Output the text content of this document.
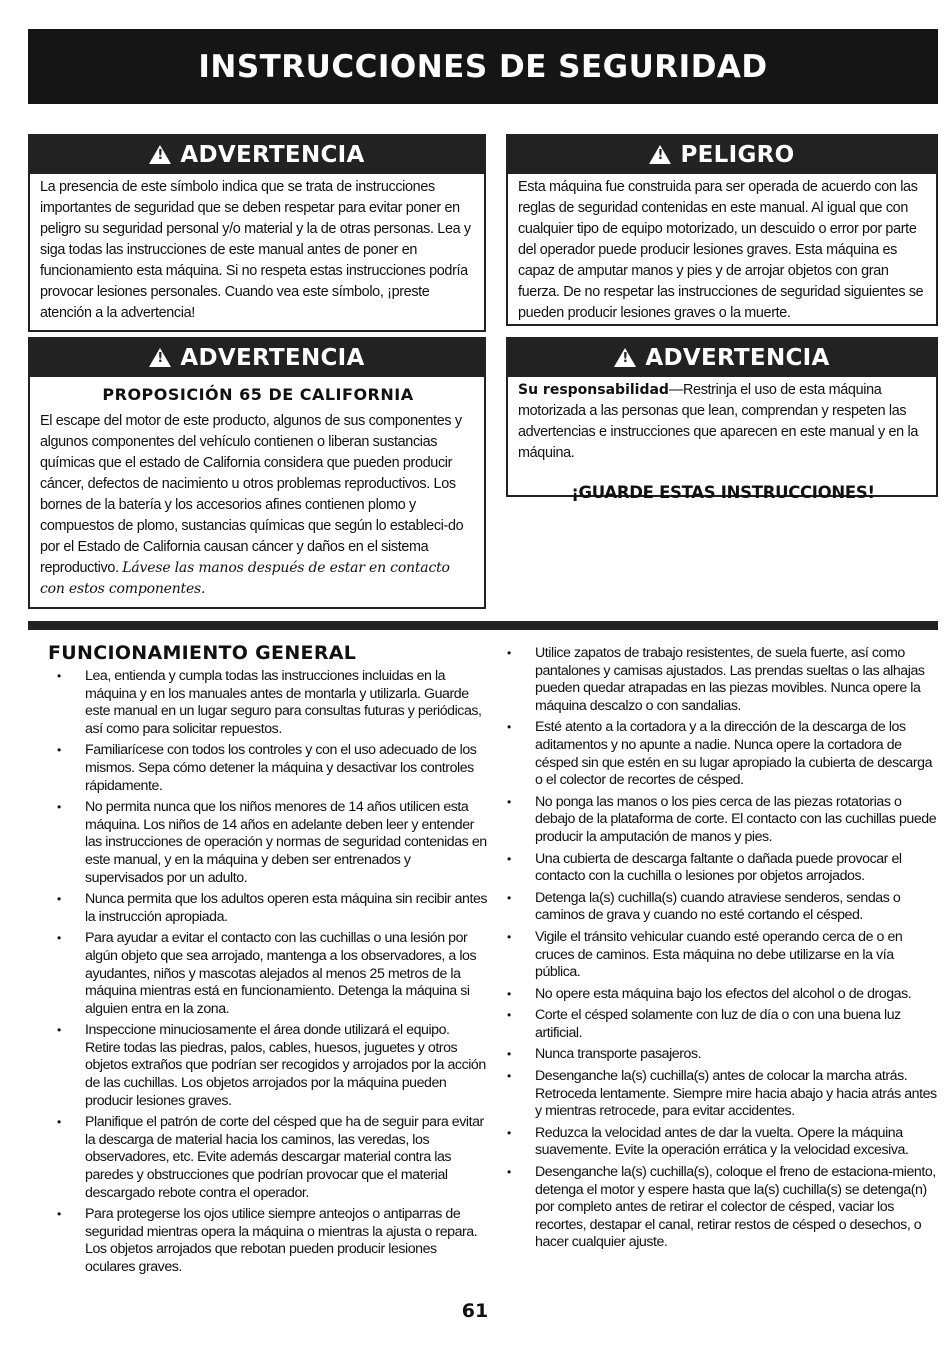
INSTRUCCIONES DE SEGURIDAD
!
ADVERTENCIA

La presencia de este símbolo indica que se trata de instrucciones importantes de seguridad que se deben respetar para evitar poner en peligro su seguridad personal y/o material y la de otras personas. Lea y siga todas las instrucciones de este manual antes de poner en funcionamiento esta máquina. Si no respeta estas instrucciones podría provocar lesiones personales. Cuando vea este símbolo, ¡preste atención a la advertencia!

!
PELIGRO

Esta máquina fue construida para ser operada de acuerdo con las reglas de seguridad contenidas en este manual. Al igual que con cualquier tipo de equipo motorizado, un descuido o error por parte del operador puede producir lesiones graves. Esta máquina es capaz de amputar manos y pies y de arrojar objetos con gran fuerza. De no respetar las instrucciones de seguridad siguientes se pueden producir lesiones graves o la muerte.

!
ADVERTENCIA
PROPOSICIÓN 65 DE CALIFORNIA

El escape del motor de este producto, algunos de sus componentes y algunos componentes del vehículo contienen o liberan sustancias químicas que el estado de California considera que pueden producir cáncer, defectos de nacimiento u otros problemas reproductivos. Los bornes de la batería y los accesorios afines contienen plomo y compuestos de plomo, sustancias químicas que según lo estableci-do por el Estado de California causan cáncer y daños en el sistema reproductivo. Lávese las manos después de estar en contacto con estos componentes.

!
ADVERTENCIA

Su responsabilidad—Restrinja el uso de esta máquina motorizada a las personas que lean, comprendan y respeten las advertencias e instrucciones que aparecen en este manual y en la máquina.

¡GUARDE ESTAS INSTRUCCIONES!
FUNCIONAMIENTO GENERAL
• Lea, entienda y cumpla todas las instrucciones incluidas en la máquina y en los manuales antes de montarla y utilizarla. Guarde este manual en un lugar seguro para consultas futuras y periódicas, así como para solicitar repuestos.
• Familiarícese con todos los controles y con el uso adecuado de los mismos. Sepa cómo detener la máquina y desactivar los controles rápidamente.
• No permita nunca que los niños menores de 14 años utilicen esta máquina. Los niños de 14 años en adelante deben leer y entender las instrucciones de operación y normas de seguridad contenidas en este manual, y en la máquina y deben ser entrenados y supervisados por un adulto.
• Nunca permita que los adultos operen esta máquina sin recibir antes la instrucción apropiada.
• Para ayudar a evitar el contacto con las cuchillas o una lesión por algún objeto que sea arrojado, mantenga a los observadores, a los ayudantes, niños y mascotas alejados al menos 25 metros de la máquina mientras está en funcionamiento. Detenga la máquina si alguien entra en la zona.
• Inspeccione minuciosamente el área donde utilizará el equipo. Retire todas las piedras, palos, cables, huesos, juguetes y otros objetos extraños que podrían ser recogidos y arrojados por la acción de las cuchillas. Los objetos arrojados por la máquina pueden producir lesiones graves.
• Planifique el patrón de corte del césped que ha de seguir para evitar la descarga de material hacia los caminos, las veredas, los observadores, etc. Evite además descargar material contra las paredes y obstrucciones que podrían provocar que el material descargado rebote contra el operador.
• Para protegerse los ojos utilice siempre anteojos o antiparras de seguridad mientras opera la máquina o mientras la ajusta o repara. Los objetos arrojados que rebotan pueden producir lesiones oculares graves.
• Utilice zapatos de trabajo resistentes, de suela fuerte, así como pantalones y camisas ajustados. Las prendas sueltas o las alhajas pueden quedar atrapadas en las piezas movibles. Nunca opere la máquina descalzo o con sandalias.
• Esté atento a la cortadora y a la dirección de la descarga de los aditamentos y no apunte a nadie. Nunca opere la cortadora de césped sin que estén en su lugar apropiado la cubierta de descarga o el colector de recortes de césped.
• No ponga las manos o los pies cerca de las piezas rotatorias o debajo de la plataforma de corte. El contacto con las cuchillas puede producir la amputación de manos y pies.
• Una cubierta de descarga faltante o dañada puede provocar el contacto con la cuchilla o lesiones por objetos arrojados.
• Detenga la(s) cuchilla(s) cuando atraviese senderos, sendas o caminos de grava y cuando no esté cortando el césped.
• Vigile el tránsito vehicular cuando esté operando cerca de o en cruces de caminos. Esta máquina no debe utilizarse en la vía pública.
• No opere esta máquina bajo los efectos del alcohol o de drogas.
• Corte el césped solamente con luz de día o con una buena luz artificial.
• Nunca transporte pasajeros.
• Desenganche la(s) cuchilla(s) antes de colocar la marcha atrás. Retroceda lentamente. Siempre mire hacia abajo y hacia atrás antes y mientras retrocede, para evitar accidentes.
• Reduzca la velocidad antes de dar la vuelta. Opere la máquina suavemente. Evite la operación errática y la velocidad excesiva.
• Desenganche la(s) cuchilla(s), coloque el freno de estaciona-miento, detenga el motor y espere hasta que la(s) cuchilla(s) se detenga(n) por completo antes de retirar el colector de césped, vaciar los recortes, destapar el canal, retirar restos de césped o desechos, o hacer cualquier ajuste.
61
